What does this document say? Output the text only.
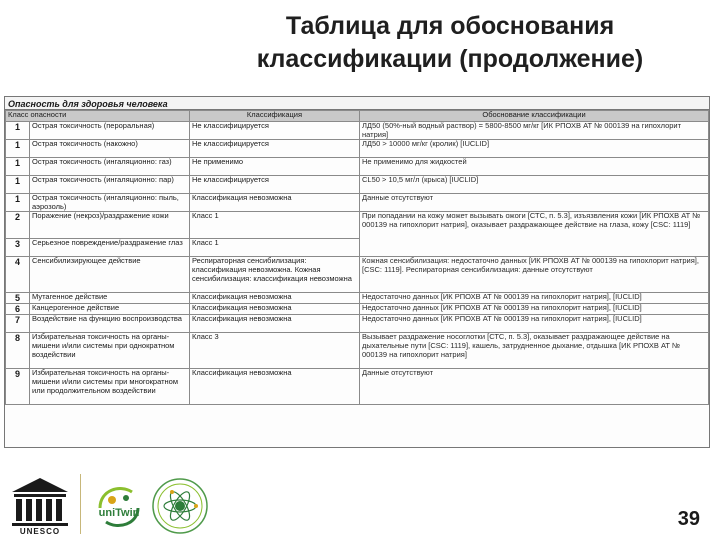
Таблица для обоснования
классификации (продолжение)
Опасность для здоровья человека
Класс опасности		Классификация	Обоснование классификации
1	Острая токсичность (пероральная)	Не классифицируется	ЛД50 (50%-ный водный раствор) = 5800-8500 мг/кг [ИК РПОХВ АТ № 000139 на гипохлорит натрия]
1	Острая токсичность (накожно)	Не классифицируется	ЛД50 > 10000 мг/кг (кролик) [IUCLID]
1	Острая токсичность (ингаляционно: газ)	Не применимо	Не применимо для жидкостей
1	Острая токсичность (ингаляционно: пар)	Не классифицируется	CL50 > 10,5 мг/л (крыса) [IUCLID]
1	Острая токсичность (ингаляционно: пыль, аэрозоль)	Классификация невозможна	Данные отсутствуют
2	Поражение (некроз)/раздражение кожи	Класс 1	При попадании на кожу может вызывать ожоги [СТС, п. 5.3], изъязвления кожи [ИК РПОХВ АТ № 000139 на гипохлорит натрия], оказывает раздражающее действие на глаза, кожу [CSC: 1119]
3	Серьезное повреждение/раздражение глаз	Класс 1	
4	Сенсибилизирующее действие	Респираторная сенсибилизация: классификация невозможна. Кожная сенсибилизация: классификация невозможна	Кожная сенсибилизация: недостаточно данных [ИК РПОХВ АТ № 000139 на гипохлорит натрия], [CSC: 1119]. Респираторная сенсибилизация: данные отсутствуют
5	Мутагенное действие	Классификация невозможна	Недостаточно данных [ИК РПОХВ АТ № 000139 на гипохлорит натрия], [IUCLID]
6	Канцерогенное действие	Классификация невозможна	Недостаточно данных [ИК РПОХВ АТ № 000139 на гипохлорит натрия], [IUCLID]
7	Воздействие на функцию воспроизводства	Классификация невозможна	Недостаточно данных [ИК РПОХВ АТ № 000139 на гипохлорит натрия], [IUCLID]
8	Избирательная токсичность на органы-мишени и/или системы при однократном воздействии	Класс 3	Вызывает раздражение носоглотки [СТС, п. 5.3], оказывает раздражающее действие на дыхательные пути [CSC: 1119], кашель, затрудненное дыхание, отдышка [ИК РПОХВ АТ № 000139 на гипохлорит натрия]
9	Избирательная токсичность на органы-мишени и/или системы при многократном или продолжительном воздействии	Классификация невозможна	Данные отсутствуют
UNESCO
uniTwin	39
